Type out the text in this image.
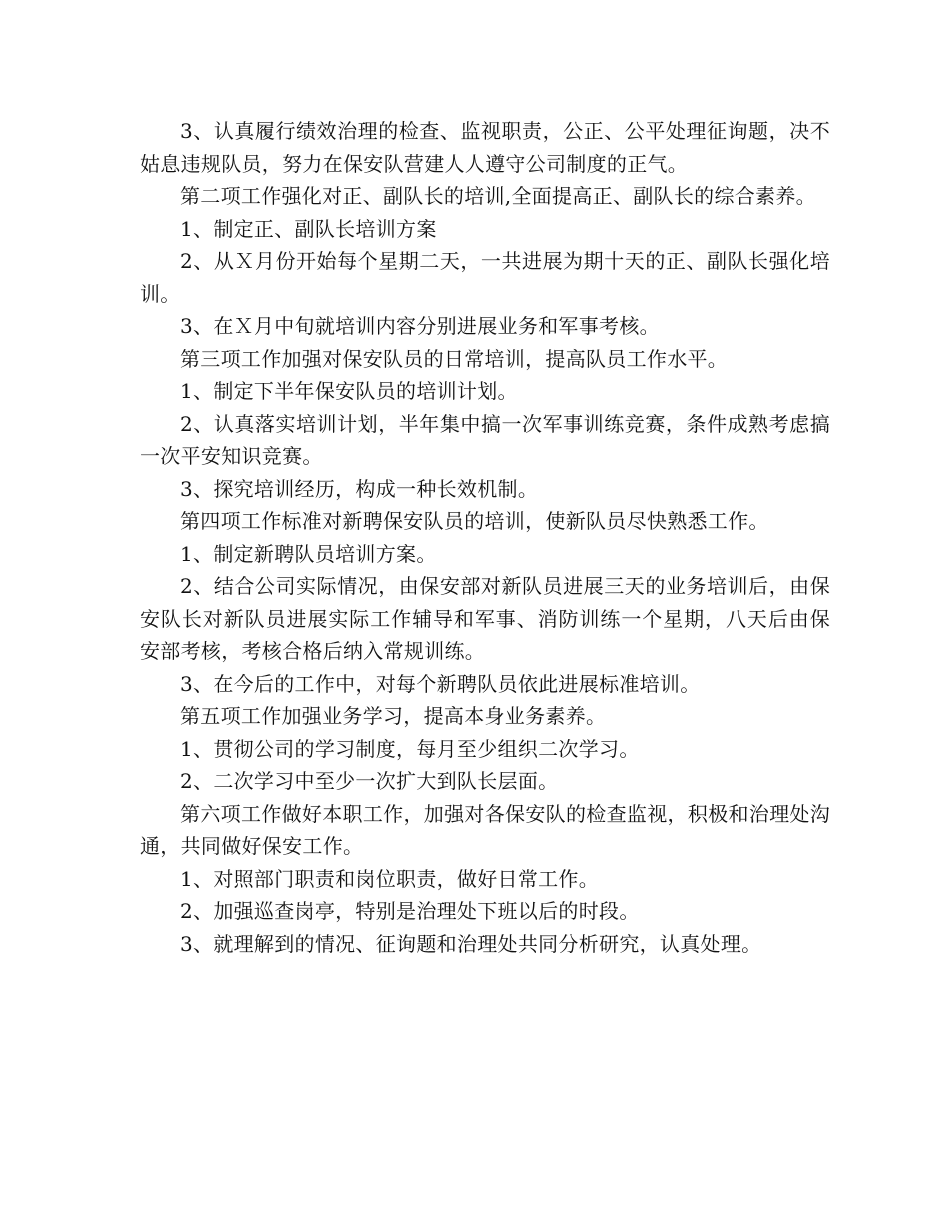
3、认真履行绩效治理的检查、监视职责，公正、公平处理征询题，决不姑息违规队员，努力在保安队营建人人遵守公司制度的正气。

第二项工作强化对正、副队长的培训,全面提高正、副队长的综合素养。

1、制定正、副队长培训方案

2、从Ｘ月份开始每个星期二天，一共进展为期十天的正、副队长强化培训。

3、在Ｘ月中旬就培训内容分别进展业务和军事考核。

第三项工作加强对保安队员的日常培训，提高队员工作水平。

1、制定下半年保安队员的培训计划。

2、认真落实培训计划，半年集中搞一次军事训练竞赛，条件成熟考虑搞一次平安知识竞赛。

3、探究培训经历，构成一种长效机制。

第四项工作标准对新聘保安队员的培训，使新队员尽快熟悉工作。

1、制定新聘队员培训方案。

2、结合公司实际情况，由保安部对新队员进展三天的业务培训后，由保安队长对新队员进展实际工作辅导和军事、消防训练一个星期，八天后由保安部考核，考核合格后纳入常规训练。

3、在今后的工作中，对每个新聘队员依此进展标准培训。

第五项工作加强业务学习，提高本身业务素养。

1、贯彻公司的学习制度，每月至少组织二次学习。

2、二次学习中至少一次扩大到队长层面。

第六项工作做好本职工作，加强对各保安队的检查监视，积极和治理处沟通，共同做好保安工作。

1、对照部门职责和岗位职责，做好日常工作。

2、加强巡查岗亭，特别是治理处下班以后的时段。

3、就理解到的情况、征询题和治理处共同分析研究，认真处理。
